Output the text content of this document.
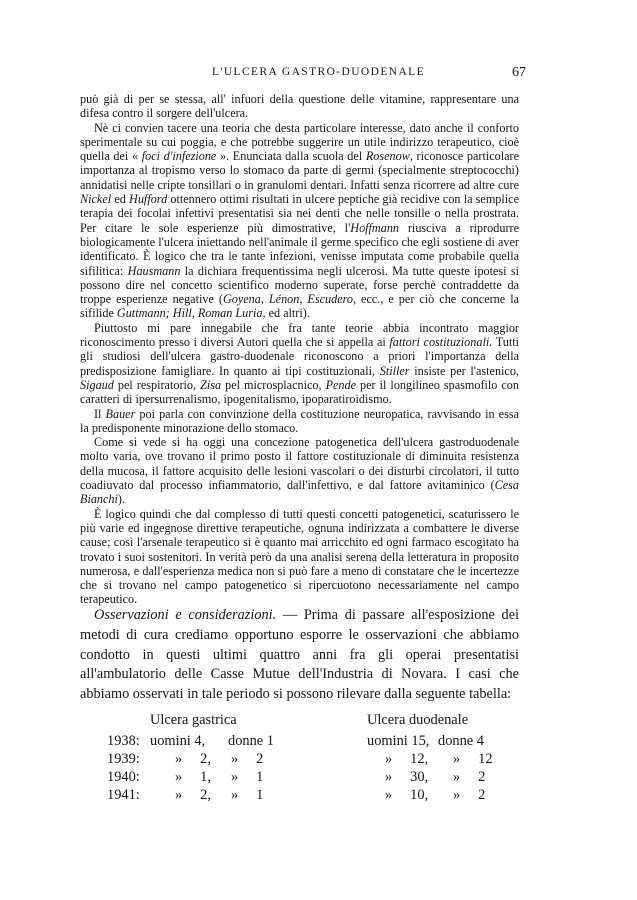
L'ULCERA GASTRO-DUODENALE	67

può già di per se stessa, all' infuori della questione delle vitamine, rappresentare una difesa contro il sorgere dell'ulcera.

Nè ci convien tacere una teoria che desta particolare interesse, dato anche il conforto sperimentale su cui poggia, e che potrebbe suggerire un utile indirizzo terapeutico, cioè quella dei « foci d'infezione ». Enunciata dalla scuola del Rosenow, riconosce particolare importanza al tropismo verso lo stomaco da parte di germi (specialmente streptococchi) annidatisi nelle cripte tonsillari o in granulomi dentari. Infatti senza ricorrere ad altre cure Nickel ed Hufford ottennero ottimi risultati in ulcere peptiche già recidive con la semplice terapia dei focolai infettivi presentatisi sia nei denti che nelle tonsille o nella prostrata. Per citare le sole esperienze più dimostrative, l'Hoffmann riusciva a riprodurre biologicamente l'ulcera iniettando nell'animale il germe specifico che egli sostiene di aver identificato. È logico che tra le tante infezioni, venisse imputata come probabile quella sifilitica: Hausmann la dichiara frequentissima negli ulcerosi. Ma tutte queste ipotesi si possono dire nel concetto scientifico moderno superate, forse perchè contraddette da troppe esperienze negative (Goyena, Lénon, Escudero, ecc., e per ciò che concerne la sifilide Guttmann; Hill, Roman Luria, ed altri).

Piuttosto mi pare innegabile che fra tante teorie abbia incontrato maggior riconoscimento presso i diversi Autori quella che si appella ai fattori costituzionali. Tutti gli studiosi dell'ulcera gastro-duodenale riconoscono a priori l'importanza della predisposizione famigliare. In quanto ai tipi costituzionali, Stiller insiste per l'astenico, Sigaud pel respiratorio, Zisa pel microsplacnico, Pende per il longilineo spasmofilo con caratteri di ipersurrenalismo, ipogenitalismo, ipoparatiroidismo.

Il Bauer poi parla con convinzione della costituzione neuropatica, ravvisando in essa la predisponente minorazione dello stomaco.

Come si vede si ha oggi una concezione patogenetica dell'ulcera gastroduodenale molto varia, ove trovano il primo posto il fattore costituzionale di diminuita resistenza della mucosa, il fattore acquisito delle lesioni vascolari o dei disturbi circolatori, il tutto coadiuvato dal processo infiammatorio, dall'infettivo, e dal fattore avitaminico (Cesa Bianchi).

È logico quindi che dal complesso di tutti questi concetti patogenetici, scaturissero le più varie ed ingegnose direttive terapeutiche, ognuna indirizzata a combattere le diverse cause; così l'arsenale terapeutico si è quanto mai arricchito ed ogni farmaco escogitato ha trovato i suoi sostenitori. In verità però da una analisi serena della letteratura in proposito numerosa, e dall'esperienza medica non si può fare a meno di constatare che le incertezze che si trovano nel campo patogenetico si ripercuotono necessariamente nel campo terapeutico.

Osservazioni e considerazioni. — Prima di passare all'esposizione dei metodi di cura crediamo opportuno esporre le osservazioni che abbiamo condotto in questi ultimi quattro anni fra gli operai presentatisi all'ambulatorio delle Casse Mutue dell'Industria di Novara. I casi che abbiamo osservati in tale periodo si possono rilevare dalla seguente tabella:

Ulcera gastrica	Ulcera duodenale
1938: uomini 4, donne 1	uomini 15, donne 4
1939: »     2, »     2	»     12, »     12
1940: »     1, »     1	»     30, »     2
1941: »     2, »     1	»     10, »     2
